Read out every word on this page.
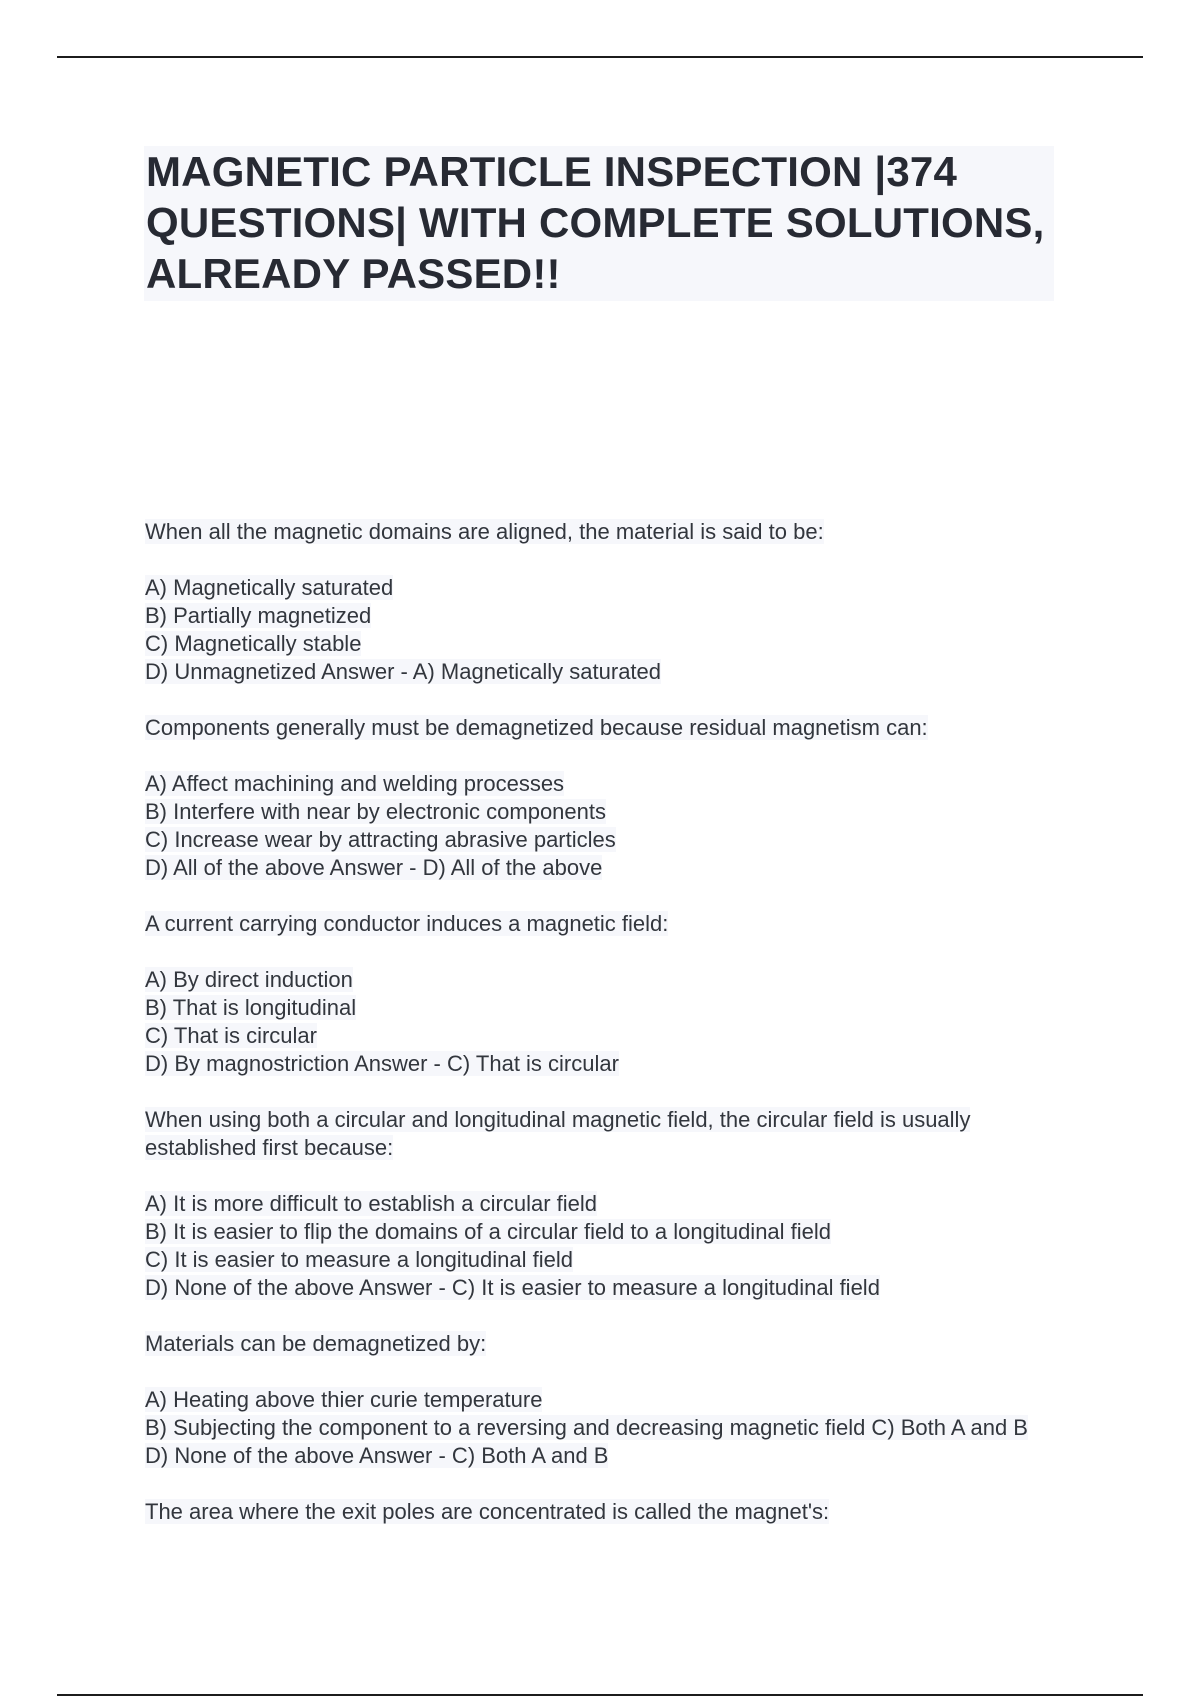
MAGNETIC PARTICLE INSPECTION |374 QUESTIONS| WITH COMPLETE SOLUTIONS, ALREADY PASSED!!
When all the magnetic domains are aligned, the material is said to be:
A) Magnetically saturated
B) Partially magnetized
C) Magnetically stable
D) Unmagnetized Answer - A) Magnetically saturated
Components generally must be demagnetized because residual magnetism can:
A) Affect machining and welding processes
B) Interfere with near by electronic components
C) Increase wear by attracting abrasive particles
D) All of the above Answer - D) All of the above
A current carrying conductor induces a magnetic field:
A) By direct induction
B) That is longitudinal
C) That is circular
D) By magnostriction Answer - C) That is circular
When using both a circular and longitudinal magnetic field, the circular field is usually established first because:
A) It is more difficult to establish a circular field
B) It is easier to flip the domains of a circular field to a longitudinal field
C) It is easier to measure a longitudinal field
D) None of the above Answer - C) It is easier to measure a longitudinal field
Materials can be demagnetized by:
A) Heating above thier curie temperature
B) Subjecting the component to a reversing and decreasing magnetic field C) Both A and B
D) None of the above Answer - C) Both A and B
The area where the exit poles are concentrated is called the magnet's:
